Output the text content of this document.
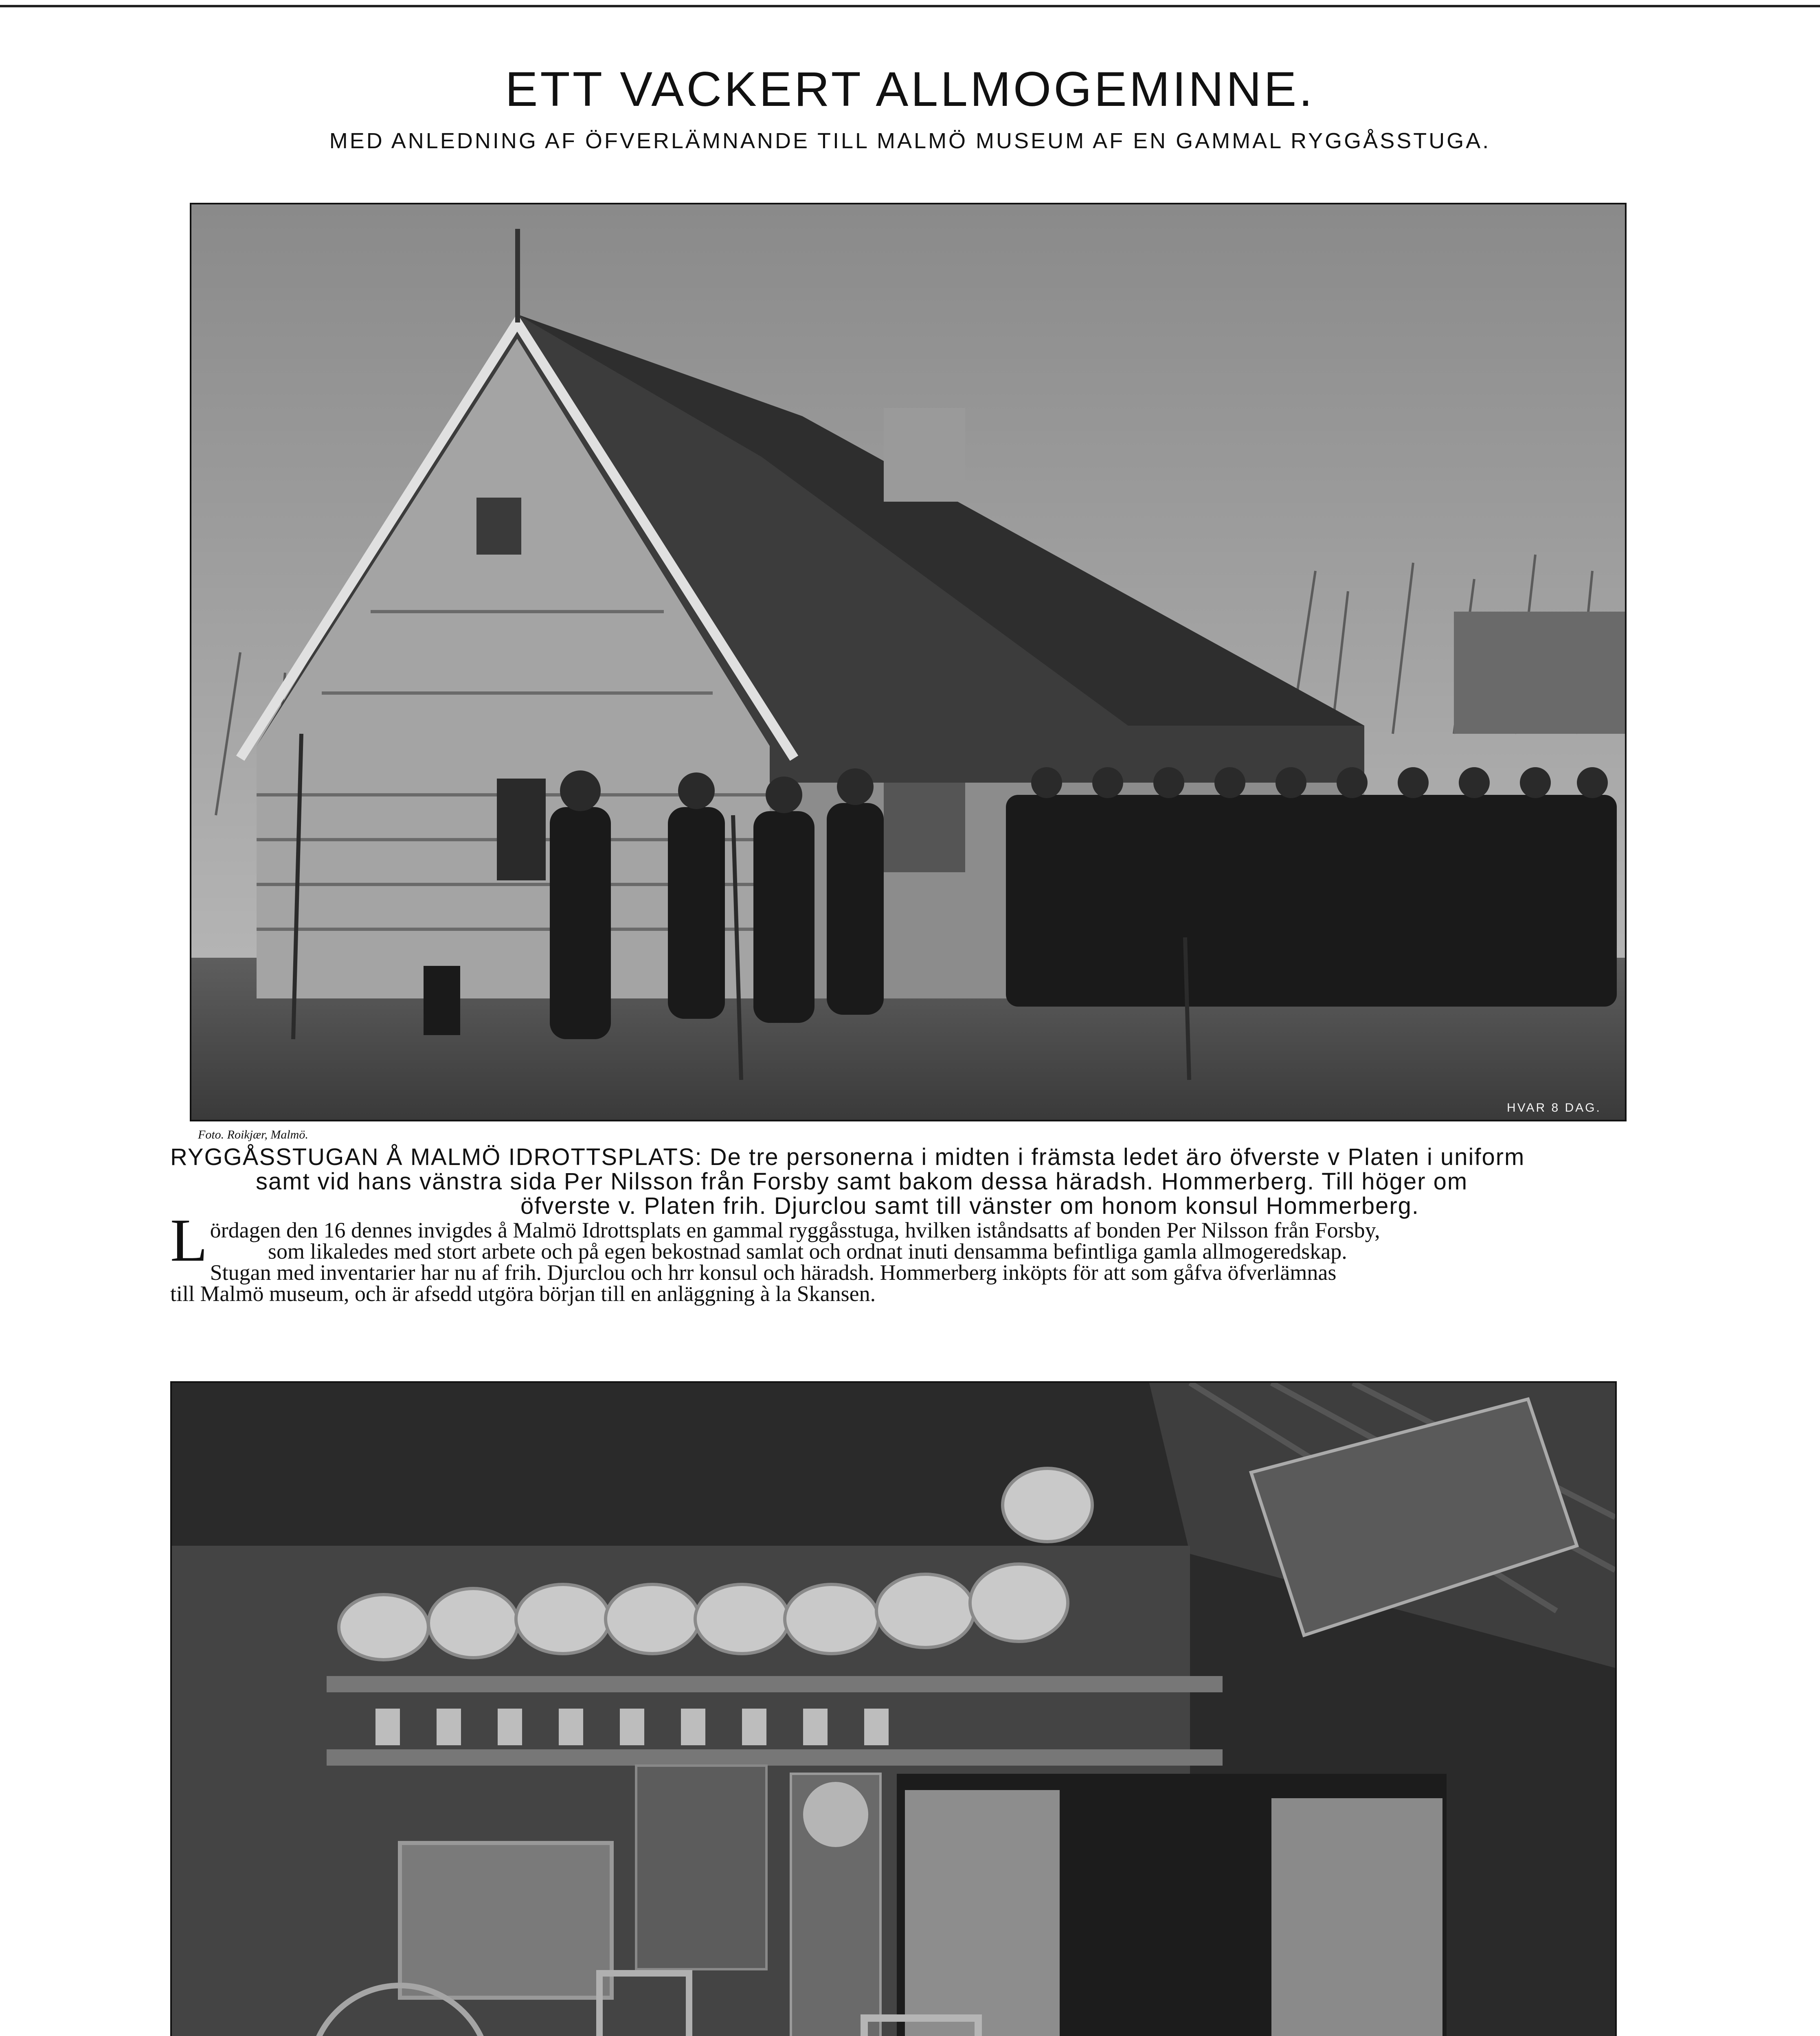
ETT VACKERT ALLMOGEMINNE.
MED ANLEDNING AF ÖFVERLÄMNANDE TILL MALMÖ MUSEUM AF EN GAMMAL RYGGÅSSTUGA.
HVAR 8 DAG.
Foto. Roikjær, Malmö.
RYGGÅSSTUGAN Å MALMÖ IDROTTSPLATS: De tre personerna i midten i främsta ledet äro öfverste v Platen i uniform
samt vid hans vänstra sida Per Nilsson från Forsby samt bakom dessa häradsh. Hommerberg. Till höger om
öfverste v. Platen frih. Djurclou samt till vänster om honom konsul Hommerberg.
L ördagen den 16 dennes invigdes å Malmö Idrottsplats en gammal ryggåsstuga, hvilken iståndsatts af bonden Per Nilsson från Forsby,
som likaledes med stort arbete och på egen bekostnad samlat och ordnat inuti densamma befintliga gamla allmogeredskap.
Stugan med inventarier har nu af frih. Djurclou och hrr konsul och häradsh. Hommerberg inköpts för att som gåfva öfverlämnas
till Malmö museum, och är afsedd utgöra början till en anläggning à la Skansen.
